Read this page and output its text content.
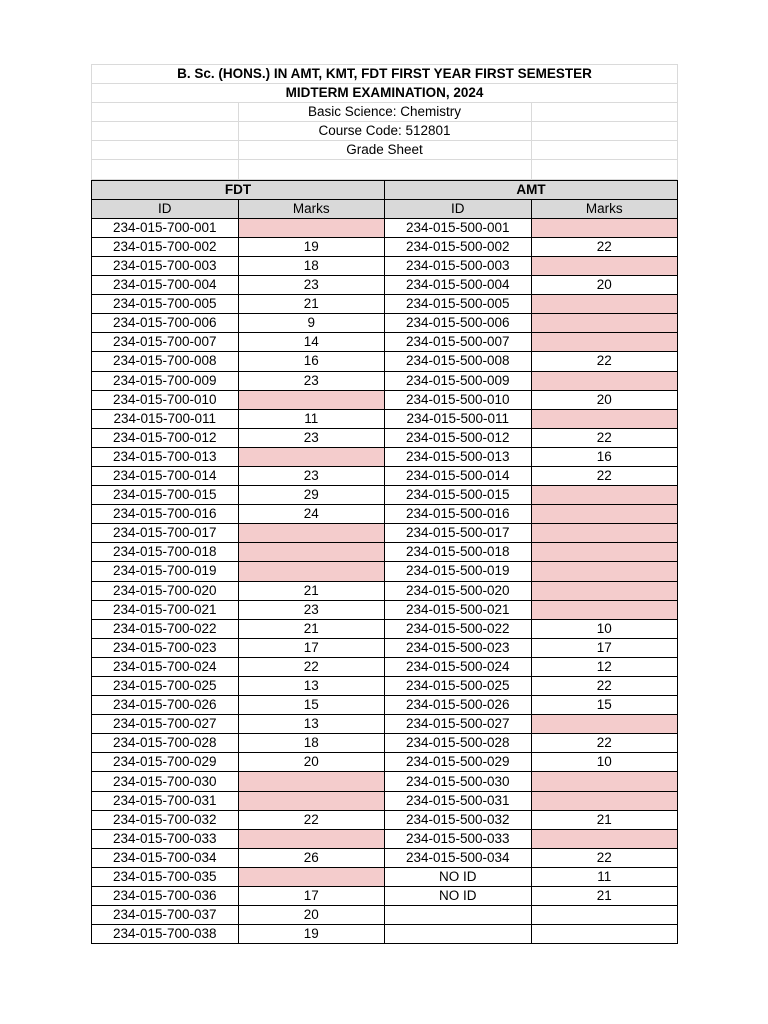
B. Sc. (HONS.) IN AMT, KMT, FDT FIRST YEAR FIRST SEMESTER		
MIDTERM EXAMINATION, 2024		
	Basic Science: Chemistry	
	Course Code: 512801	
	Grade Sheet	

FDT		AMT	
ID	Marks	ID	Marks
234-015-700-001		234-015-500-001	
234-015-700-002	19	234-015-500-002	22
234-015-700-003	18	234-015-500-003	
234-015-700-004	23	234-015-500-004	20
234-015-700-005	21	234-015-500-005	
234-015-700-006	9	234-015-500-006	
234-015-700-007	14	234-015-500-007	
234-015-700-008	16	234-015-500-008	22
234-015-700-009	23	234-015-500-009	
234-015-700-010		234-015-500-010	20
234-015-700-011	11	234-015-500-011	
234-015-700-012	23	234-015-500-012	22
234-015-700-013		234-015-500-013	16
234-015-700-014	23	234-015-500-014	22
234-015-700-015	29	234-015-500-015	
234-015-700-016	24	234-015-500-016	
234-015-700-017		234-015-500-017	
234-015-700-018		234-015-500-018	
234-015-700-019		234-015-500-019	
234-015-700-020	21	234-015-500-020	
234-015-700-021	23	234-015-500-021	
234-015-700-022	21	234-015-500-022	10
234-015-700-023	17	234-015-500-023	17
234-015-700-024	22	234-015-500-024	12
234-015-700-025	13	234-015-500-025	22
234-015-700-026	15	234-015-500-026	15
234-015-700-027	13	234-015-500-027	
234-015-700-028	18	234-015-500-028	22
234-015-700-029	20	234-015-500-029	10
234-015-700-030		234-015-500-030	
234-015-700-031		234-015-500-031	
234-015-700-032	22	234-015-500-032	21
234-015-700-033		234-015-500-033	
234-015-700-034	26	234-015-500-034	22
234-015-700-035		NO ID	11
234-015-700-036	17	NO ID	21
234-015-700-037	20		
234-015-700-038	19		
